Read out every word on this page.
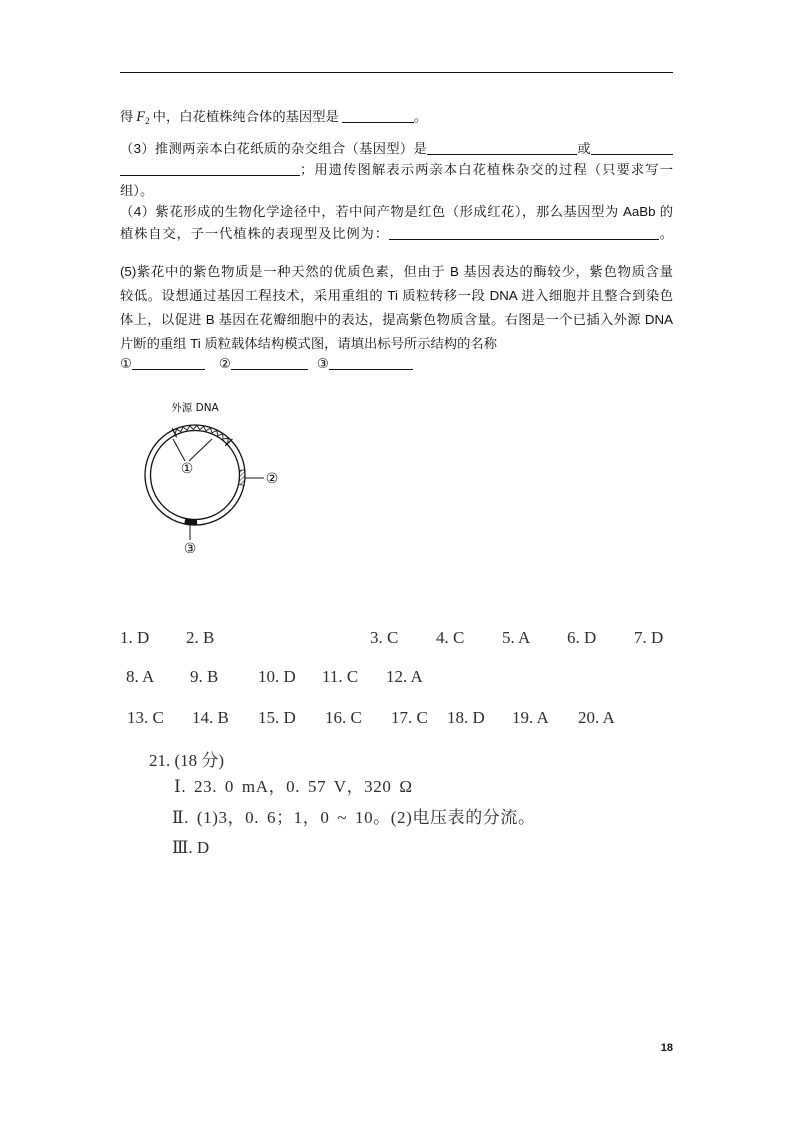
得 $F_2$ 中，白花植株纯合体的基因型是	。
（3）推测两亲本白花纸质的杂交组合（基因型）是	或
；用遗传图解表示两亲本白花植株杂交的过程（只要求写一
组）。
（4）紫花形成的生物化学途径中，若中间产物是红色（形成红花），那么基因型为 AaBb 的
植株自交，子一代植株的表现型及比例为：	。
(5)紫花中的紫色物质是一种天然的优质色素，但由于 B 基因表达的酶较少，紫色物质含量
较低。设想通过基因工程技术，采用重组的 Ti 质粒转移一段 DNA 进入细胞并且整合到染色
体上，以促进 B 基因在花瓣细胞中的表达，提高紫色物质含量。右图是一个已插入外源 DNA
片断的重组 Ti 质粒载体结构模式图，请填出标号所示结构的名称
①	②	③
外源 DNA
①
②
③
1. D 2. B	3. C 4. C 5. A 6. D 7. D
8. A 9. B 10. D 11. C 12. A
13. C 14. B 15. D 16. C 17. C 18. D 19. A 20. A
21. (18 分)
Ⅰ. 23. 0 mA，0. 57 V，320 Ω
Ⅱ. (1)3，0. 6；1，0 ~ 10。(2)电压表的分流。
Ⅲ. D
18
